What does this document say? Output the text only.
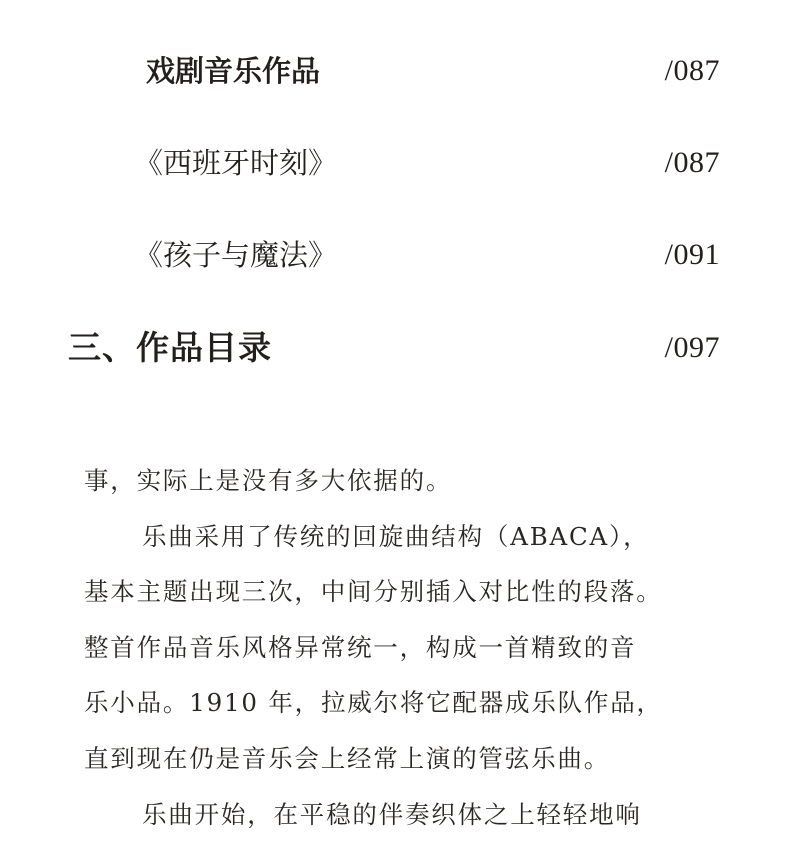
戏剧音乐作品	/087
《西班牙时刻》	/087
《孩子与魔法》	/091
三、作品目录	/097
事，实际上是没有多大依据的。
乐曲采用了传统的回旋曲结构（ABACA），
基本主题出现三次，中间分别插入对比性的段落。
整首作品音乐风格异常统一，构成一首精致的音
乐小品。1910 年，拉威尔将它配器成乐队作品，
直到现在仍是音乐会上经常上演的管弦乐曲。
乐曲开始，在平稳的伴奏织体之上轻轻地响
